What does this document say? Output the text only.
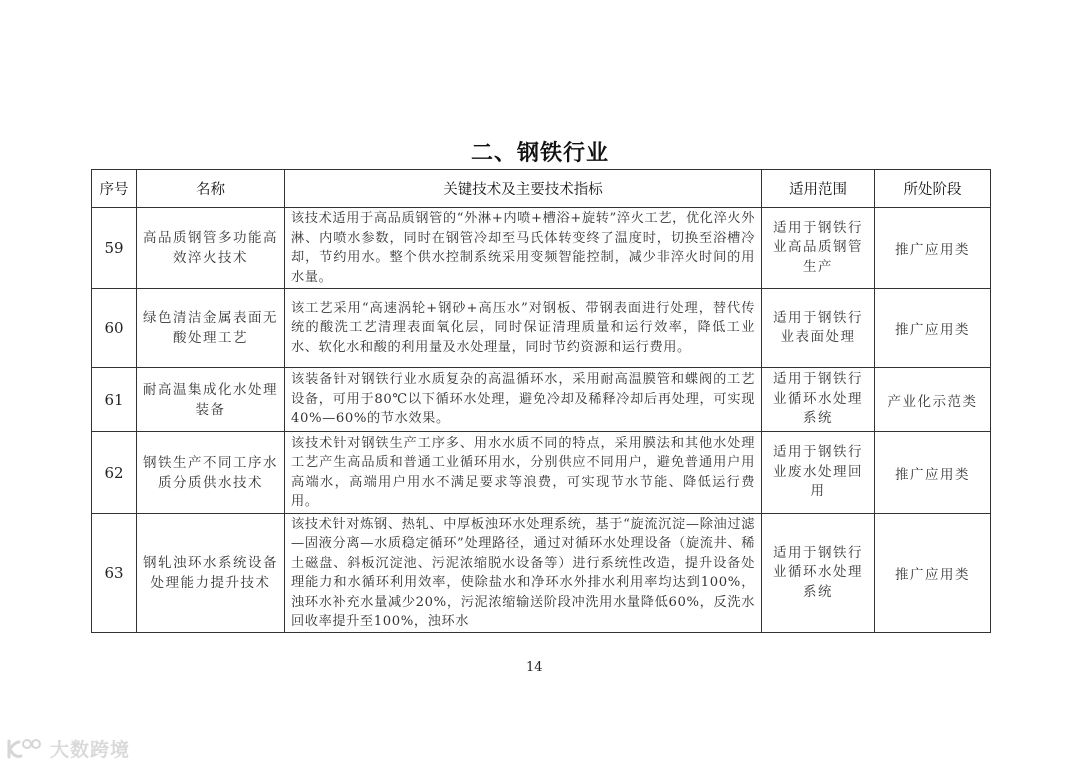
二、钢铁行业
序号	名称	关键技术及主要技术指标	适用范围	所处阶段
59	高品质钢管多功能高效淬火技术	该技术适用于高品质钢管的“外淋+内喷+槽浴+旋转”淬火工艺，优化淬火外淋、内喷水参数，同时在钢管冷却至马氏体转变终了温度时，切换至浴槽冷却，节约用水。整个供水控制系统采用变频智能控制，减少非淬火时间的用水量。	适用于钢铁行业高品质钢管生产	推广应用类
60	绿色清洁金属表面无酸处理工艺	该工艺采用“高速涡轮+钢砂+高压水”对钢板、带钢表面进行处理，替代传统的酸洗工艺清理表面氧化层，同时保证清理质量和运行效率，降低工业水、软化水和酸的利用量及水处理量，同时节约资源和运行费用。	适用于钢铁行业表面处理	推广应用类
61	耐高温集成化水处理装备	该装备针对钢铁行业水质复杂的高温循环水，采用耐高温膜管和蝶阀的工艺设备，可用于80℃以下循环水处理，避免冷却及稀释冷却后再处理，可实现40%—60%的节水效果。	适用于钢铁行业循环水处理系统	产业化示范类
62	钢铁生产不同工序水质分质供水技术	该技术针对钢铁生产工序多、用水水质不同的特点，采用膜法和其他水处理工艺产生高品质和普通工业循环用水，分别供应不同用户，避免普通用户用高端水，高端用户用水不满足要求等浪费，可实现节水节能、降低运行费用。	适用于钢铁行业废水处理回用	推广应用类
63	钢轧浊环水系统设备处理能力提升技术	该技术针对炼钢、热轧、中厚板浊环水处理系统，基于“旋流沉淀—除油过滤—固液分离—水质稳定循环”处理路径，通过对循环水处理设备（旋流井、稀土磁盘、斜板沉淀池、污泥浓缩脱水设备等）进行系统性改造，提升设备处理能力和水循环利用效率，使除盐水和净环水外排水利用率均达到100%，浊环水补充水量减少20%，污泥浓缩输送阶段冲洗用水量降低60%，反洗水回收率提升至100%，浊环水	适用于钢铁行业循环水处理系统	推广应用类
14
大数跨境
